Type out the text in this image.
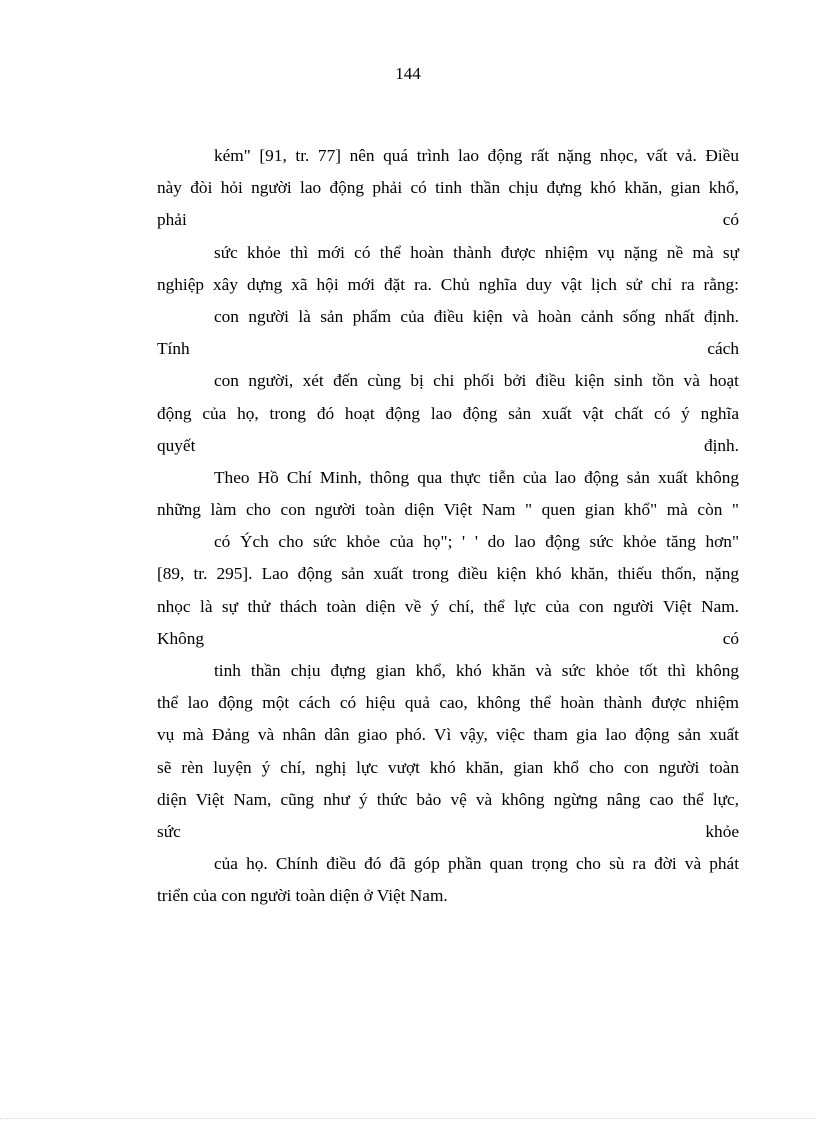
144
kém" [91, tr. 77] nên quá trình lao động rất nặng nhọc, vất vả. Điều
này đòi hỏi người lao động phải có tinh thần chịu đựng khó khăn, gian khổ,
phải	có
sức khỏe thì mới có thể hoàn thành được nhiệm vụ nặng nề mà sự
nghiệp xây dựng xã hội mới đặt ra. Chủ nghĩa duy vật lịch sử chỉ ra rằng:
con người là sản phẩm của điều kiện và hoàn cảnh sống nhất định.
Tính	cách
con người, xét đến cùng bị chi phối bởi điều kiện sinh tồn và hoạt
động của họ, trong đó hoạt động lao động sản xuất vật chất có ý nghĩa
quyết	định.
Theo Hồ Chí Minh, thông qua thực tiễn của lao động sản xuất không
những làm cho con người toàn diện Việt Nam " quen gian khổ" mà còn "
có Ých cho sức khỏe của họ"; ' ' do lao động sức khỏe tăng hơn"
[89, tr. 295]. Lao động sản xuất trong điều kiện khó khăn, thiếu thốn, nặng
nhọc là sự thử thách toàn diện về ý chí, thể lực của con người Việt Nam.
Không	có
tinh thần chịu đựng gian khổ, khó khăn và sức khỏe tốt thì không
thể lao động một cách có hiệu quả cao, không thể hoàn thành được nhiệm
vụ mà Đảng và nhân dân giao phó. Vì vậy, việc tham gia lao động sản xuất
sẽ rèn luyện ý chí, nghị lực vượt khó khăn, gian khổ cho con người toàn
diện Việt Nam, cũng như ý thức bảo vệ và không ngừng nâng cao thể lực,
sức	khỏe
của họ. Chính điều đó đã góp phần quan trọng cho sù ra đời và phát
triển của con người toàn diện ở Việt Nam.
